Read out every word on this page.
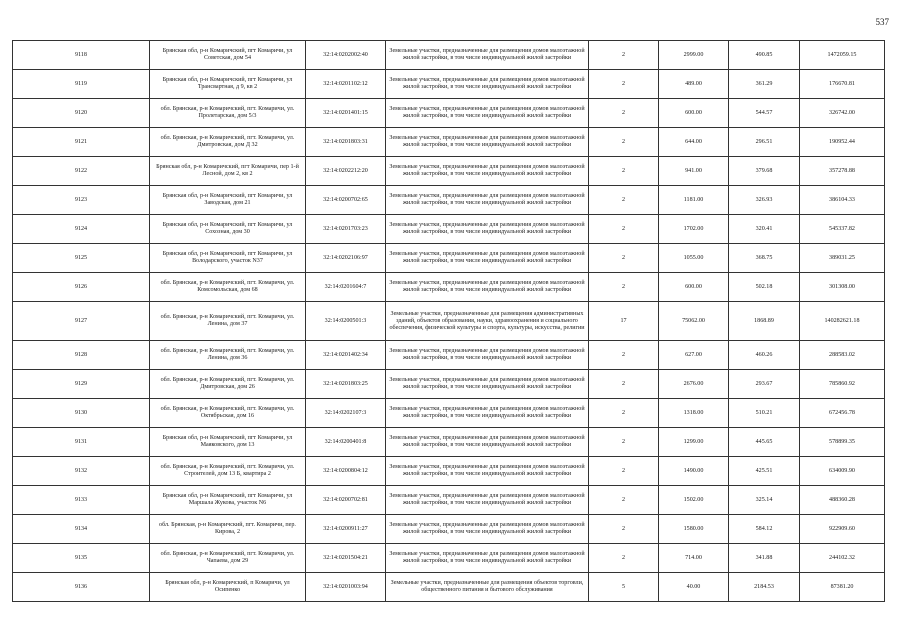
537
9118	Брянская обл, р-н Комаричский, пгт Комаричи, ул Советская, дом 54	32:14:0202002:40	Земельные участки, предназначенные для размещения домов малоэтажной жилой застройки, в том числе индивидуальной жилой застройки	2	2999.00	490.85	1472059.15
9119	Брянская обл, р-н Комаричский, пгт Комаричи, ул Трансвартная, д 9, кв 2	32:14:0201102:12	Земельные участки, предназначенные для размещения домов малоэтажной жилой застройки, в том числе индивидуальной жилой застройки	2	489.00	361.29	176670.81
9120	обл. Брянская, р-н Комаричский, пгт. Комаричи, ул. Пролетарская, дом 5/3	32:14:0201401:15	Земельные участки, предназначенные для размещения домов малоэтажной жилой застройки, в том числе индивидуальной жилой застройки	2	600.00	544.57	326742.00
9121	обл. Брянская, р-н Комаричский, пгт. Комаричи, ул. Дмитровская, дом Д 32	32:14:0201803:31	Земельные участки, предназначенные для размещения домов малоэтажной жилой застройки, в том числе индивидуальной жилой застройки	2	644.00	296.51	190952.44
9122	Брянская обл, р-н Комаричский, пгт Комаричи, пер 1-й Лесной, дом 2, кв 2	32:14:0202212:20	Земельные участки, предназначенные для размещения домов малоэтажной жилой застройки, в том числе индивидуальной жилой застройки	2	941.00	379.68	357278.88
9123	Брянская обл, р-н Комаричский, пгт Комаричи, ул Заводская, дом 21	32:14:0200702:65	Земельные участки, предназначенные для размещения домов малоэтажной жилой застройки, в том числе индивидуальной жилой застройки	2	1181.00	326.93	386104.33
9124	Брянская обл, р-н Комаричский, пгт Комаричи, ул Сохозная, дом 30	32:14:0201703:23	Земельные участки, предназначенные для размещения домов малоэтажной жилой застройки, в том числе индивидуальной жилой застройки	2	1702.00	320.41	545337.82
9125	Брянская обл, р-н Комаричский, пгт Комаричи, ул Володарского, участок N37	32:14:0202106:97	Земельные участки, предназначенные для размещения домов малоэтажной жилой застройки, в том числе индивидуальной жилой застройки	2	1055.00	368.75	389031.25
9126	обл. Брянская, р-н Комаричский, пгт. Комаричи, ул. Комсомольская, дом 68	32:14:0201604:7	Земельные участки, предназначенные для размещения домов малоэтажной жилой застройки, в том числе индивидуальной жилой застройки	2	600.00	502.18	301308.00
9127	обл. Брянская, р-н Комаричский, пгт. Комаричи, ул. Ленина, дом 37	32:14:0200501:3	Земельные участки, предназначенные для размещения административных зданий, объектов образования, науки, здравоохранения и социального обеспечения, физической культуры и спорта, культуры, искусства, религии	17	75062.00	1868.89	140282621.18
9128	обл. Брянская, р-н Комаричский, пгт. Комаричи, ул. Ленина, дом 36	32:14:0201402:34	Земельные участки, предназначенные для размещения домов малоэтажной жилой застройки, в том числе индивидуальной жилой застройки	2	627.00	460.26	288583.02
9129	обл. Брянская, р-н Комаричский, пгт. Комаричи, ул. Дмитровская, дом 26	32:14:0201803:25	Земельные участки, предназначенные для размещения домов малоэтажной жилой застройки, в том числе индивидуальной жилой застройки	2	2676.00	293.67	785860.92
9130	обл. Брянская, р-н Комаричский, пгт. Комаричи, ул. Октябрьская, дом 16	32:14:0202107:3	Земельные участки, предназначенные для размещения домов малоэтажной жилой застройки, в том числе индивидуальной жилой застройки	2	1318.00	510.21	672456.78
9131	Брянская обл, р-н Комаричский, пгт Комаричи, ул Маяковского, дом 13	32:14:0200401:8	Земельные участки, предназначенные для размещения домов малоэтажной жилой застройки, в том числе индивидуальной жилой застройки	2	1299.00	445.65	578899.35
9132	обл. Брянская, р-н Комаричский, пгт. Комаричи, ул. Строителей, дом 13 Б, квартира 2	32:14:0200804:12	Земельные участки, предназначенные для размещения домов малоэтажной жилой застройки, в том числе индивидуальной жилой застройки	2	1490.00	425.51	634009.90
9133	Брянская обл, р-н Комаричский, пгт Комаричи, ул Маршала Жукова, участок N6	32:14:0200702:81	Земельные участки, предназначенные для размещения домов малоэтажной жилой застройки, в том числе индивидуальной жилой застройки	2	1502.00	325.14	488360.28
9134	обл. Брянская, р-н Комаричский, пгт. Комаричи, пер. Кирова, 2	32:14:0200911:27	Земельные участки, предназначенные для размещения домов малоэтажной жилой застройки, в том числе индивидуальной жилой застройки	2	1580.00	584.12	922909.60
9135	обл. Брянская, р-н Комаричский, пгт. Комаричи, ул. Чапаева, дом 29	32:14:0201504:21	Земельные участки, предназначенные для размещения домов малоэтажной жилой застройки, в том числе индивидуальной жилой застройки	2	714.00	341.88	244102.32
9136	Брянская обл, р-н Комаричский, п Комаричи, ул Осипенко	32:14:0201003:94	Земельные участки, предназначенные для размещения объектов торговли, общественного питания и бытового обслуживания	5	40.00	2184.53	87381.20
